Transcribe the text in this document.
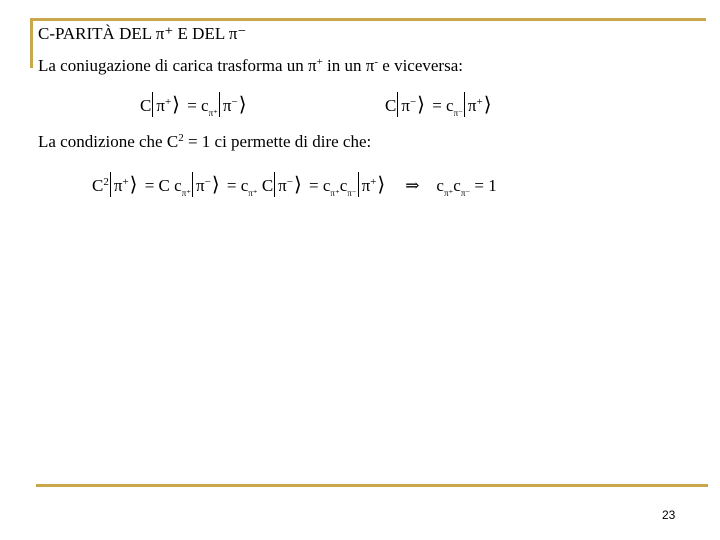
C-PARITÀ DEL π⁺ E DEL π⁻
La coniugazione di carica trasforma un π+ in un π- e viceversa:
C π+ ⟩ = $c_{\pi^+}$ π− ⟩	C π− ⟩ = $c_{\pi^-}$ π+ ⟩
La condizione che $C^2 = 1$ ci permette di dire che:
$C^2$ π+ ⟩ = C $c_{\pi^+}$ π− ⟩ = $c_{\pi^+}$ C π− ⟩ = $c_{\pi^+}c_{\pi^-}$ π+ ⟩    ⇒    $c_{\pi^+}c_{\pi^-} = 1$
23
